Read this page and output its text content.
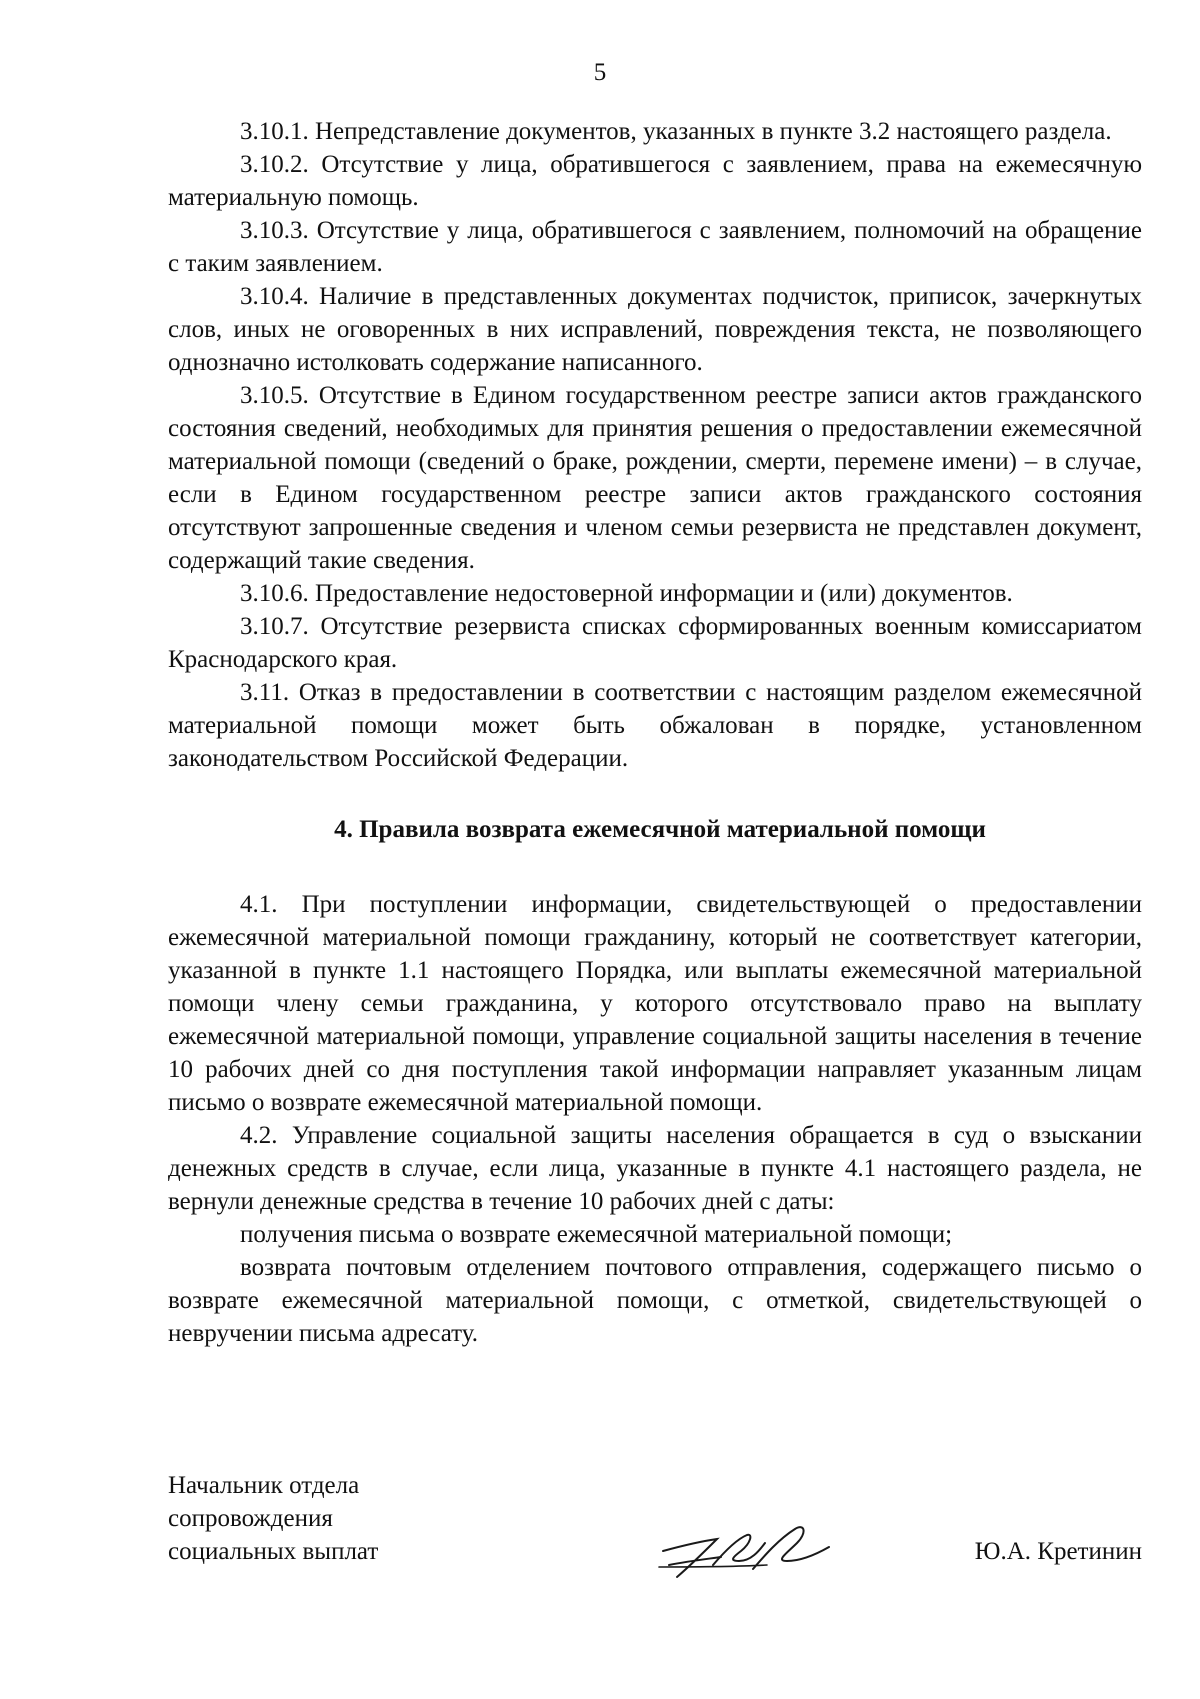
5

3.10.1. Непредставление документов, указанных в пункте 3.2 настоящего раздела.

3.10.2. Отсутствие у лица, обратившегося с заявлением, права на ежемесячную материальную помощь.

3.10.3. Отсутствие у лица, обратившегося с заявлением, полномочий на обращение с таким заявлением.

3.10.4. Наличие в представленных документах подчисток, приписок, зачеркнутых слов, иных не оговоренных в них исправлений, повреждения текста, не позволяющего однозначно истолковать содержание написанного.

3.10.5. Отсутствие в Едином государственном реестре записи актов гражданского состояния сведений, необходимых для принятия решения о предоставлении ежемесячной материальной помощи (сведений о браке, рождении, смерти, перемене имени) – в случае, если в Едином государственном реестре записи актов гражданского состояния отсутствуют запрошенные сведения и членом семьи резервиста не представлен документ, содержащий такие сведения.

3.10.6. Предоставление недостоверной информации и (или) документов.

3.10.7. Отсутствие резервиста списках сформированных военным комиссариатом Краснодарского края.

3.11. Отказ в предоставлении в соответствии с настоящим разделом ежемесячной материальной помощи может быть обжалован в порядке, установленном законодательством Российской Федерации.

4. Правила возврата ежемесячной материальной помощи

4.1. При поступлении информации, свидетельствующей о предоставлении ежемесячной материальной помощи гражданину, который не соответствует категории, указанной в пункте 1.1 настоящего Порядка, или выплаты ежемесячной материальной помощи члену семьи гражданина, у которого отсутствовало право на выплату ежемесячной материальной помощи, управление социальной защиты населения в течение 10 рабочих дней со дня поступления такой информации направляет указанным лицам письмо о возврате ежемесячной материальной помощи.

4.2. Управление социальной защиты населения обращается в суд о взыскании денежных средств в случае, если лица, указанные в пункте 4.1 настоящего раздела, не вернули денежные средства в течение 10 рабочих дней с даты:

получения письма о возврате ежемесячной материальной помощи;

возврата почтовым отделением почтового отправления, содержащего письмо о возврате ежемесячной материальной помощи, с отметкой, свидетельствующей о невручении письма адресату.

Начальник отдела
сопровождения
социальных выплат	Ю.А. Кретинин
